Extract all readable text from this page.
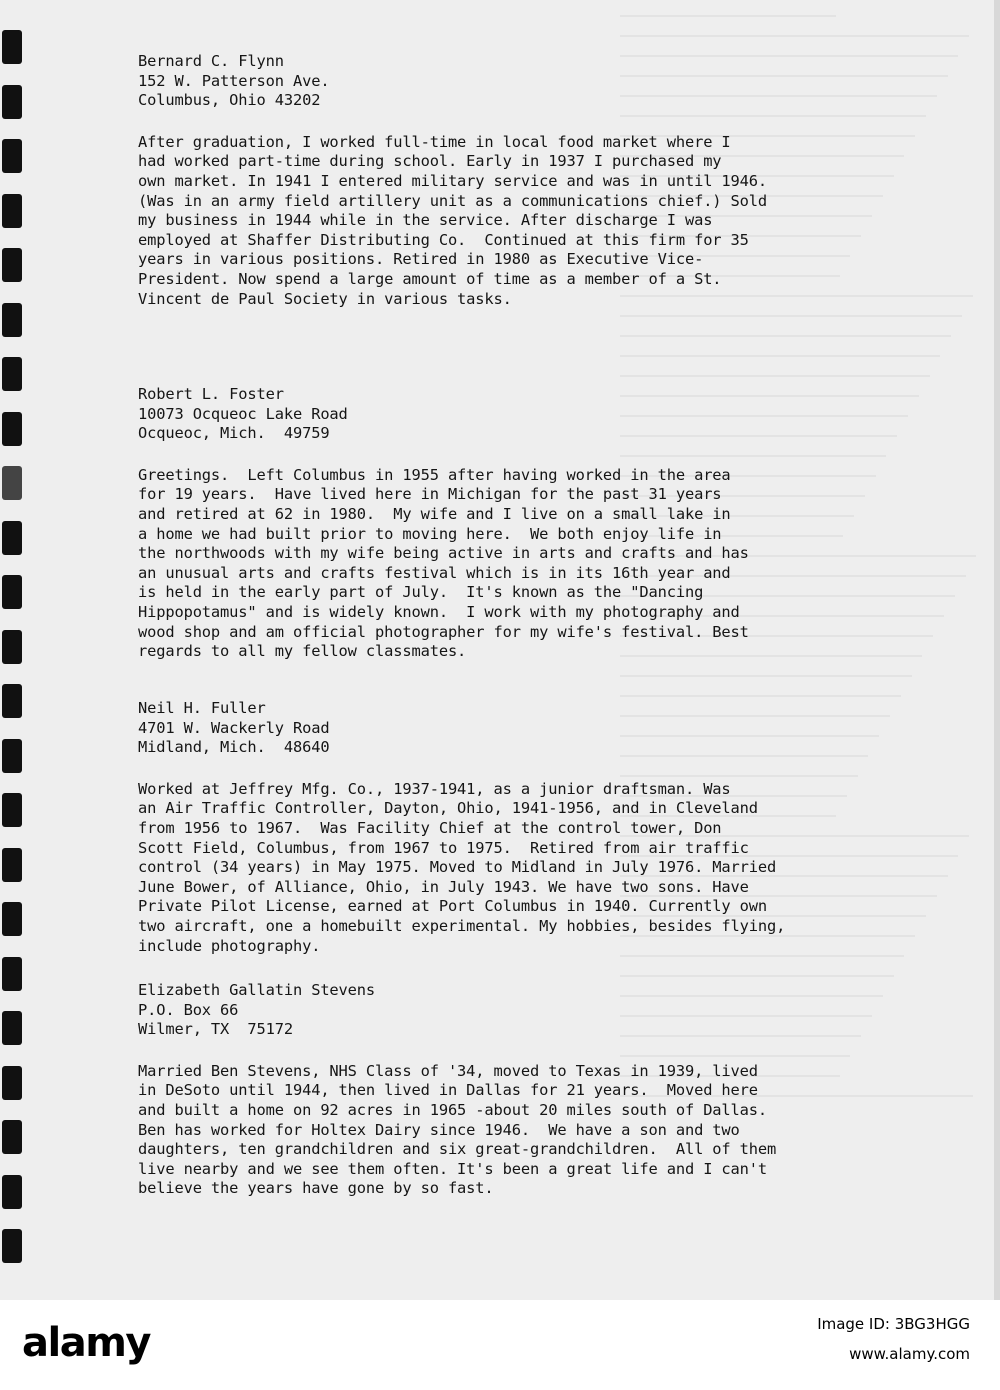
Bernard C. Flynn
152 W. Patterson Ave.
Columbus, Ohio 43202
After graduation, I worked full-time in local food market where I
had worked part-time during school. Early in 1937 I purchased my
own market. In 1941 I entered military service and was in until 1946.
(Was in an army field artillery unit as a communications chief.) Sold
my business in 1944 while in the service. After discharge I was
employed at Shaffer Distributing Co.  Continued at this firm for 35
years in various positions. Retired in 1980 as Executive Vice-
President. Now spend a large amount of time as a member of a St.
Vincent de Paul Society in various tasks.
Robert L. Foster
10073 Ocqueoc Lake Road
Ocqueoc, Mich.  49759
Greetings.  Left Columbus in 1955 after having worked in the area
for 19 years.  Have lived here in Michigan for the past 31 years
and retired at 62 in 1980.  My wife and I live on a small lake in
a home we had built prior to moving here.  We both enjoy life in
the northwoods with my wife being active in arts and crafts and has
an unusual arts and crafts festival which is in its 16th year and
is held in the early part of July.  It's known as the "Dancing
Hippopotamus" and is widely known.  I work with my photography and
wood shop and am official photographer for my wife's festival. Best
regards to all my fellow classmates.
Neil H. Fuller
4701 W. Wackerly Road
Midland, Mich.  48640
Worked at Jeffrey Mfg. Co., 1937-1941, as a junior draftsman. Was
an Air Traffic Controller, Dayton, Ohio, 1941-1956, and in Cleveland
from 1956 to 1967.  Was Facility Chief at the control tower, Don
Scott Field, Columbus, from 1967 to 1975.  Retired from air traffic
control (34 years) in May 1975. Moved to Midland in July 1976. Married
June Bower, of Alliance, Ohio, in July 1943. We have two sons. Have
Private Pilot License, earned at Port Columbus in 1940. Currently own
two aircraft, one a homebuilt experimental. My hobbies, besides flying,
include photography.
Elizabeth Gallatin Stevens
P.O. Box 66
Wilmer, TX  75172
Married Ben Stevens, NHS Class of '34, moved to Texas in 1939, lived
in DeSoto until 1944, then lived in Dallas for 21 years.  Moved here
and built a home on 92 acres in 1965 -about 20 miles south of Dallas.
Ben has worked for Holtex Dairy since 1946.  We have a son and two
daughters, ten grandchildren and six great-grandchildren.  All of them
live nearby and we see them often. It's been a great life and I can't
believe the years have gone by so fast.
alamy	Image ID: 3BG3HGG
www.alamy.com
